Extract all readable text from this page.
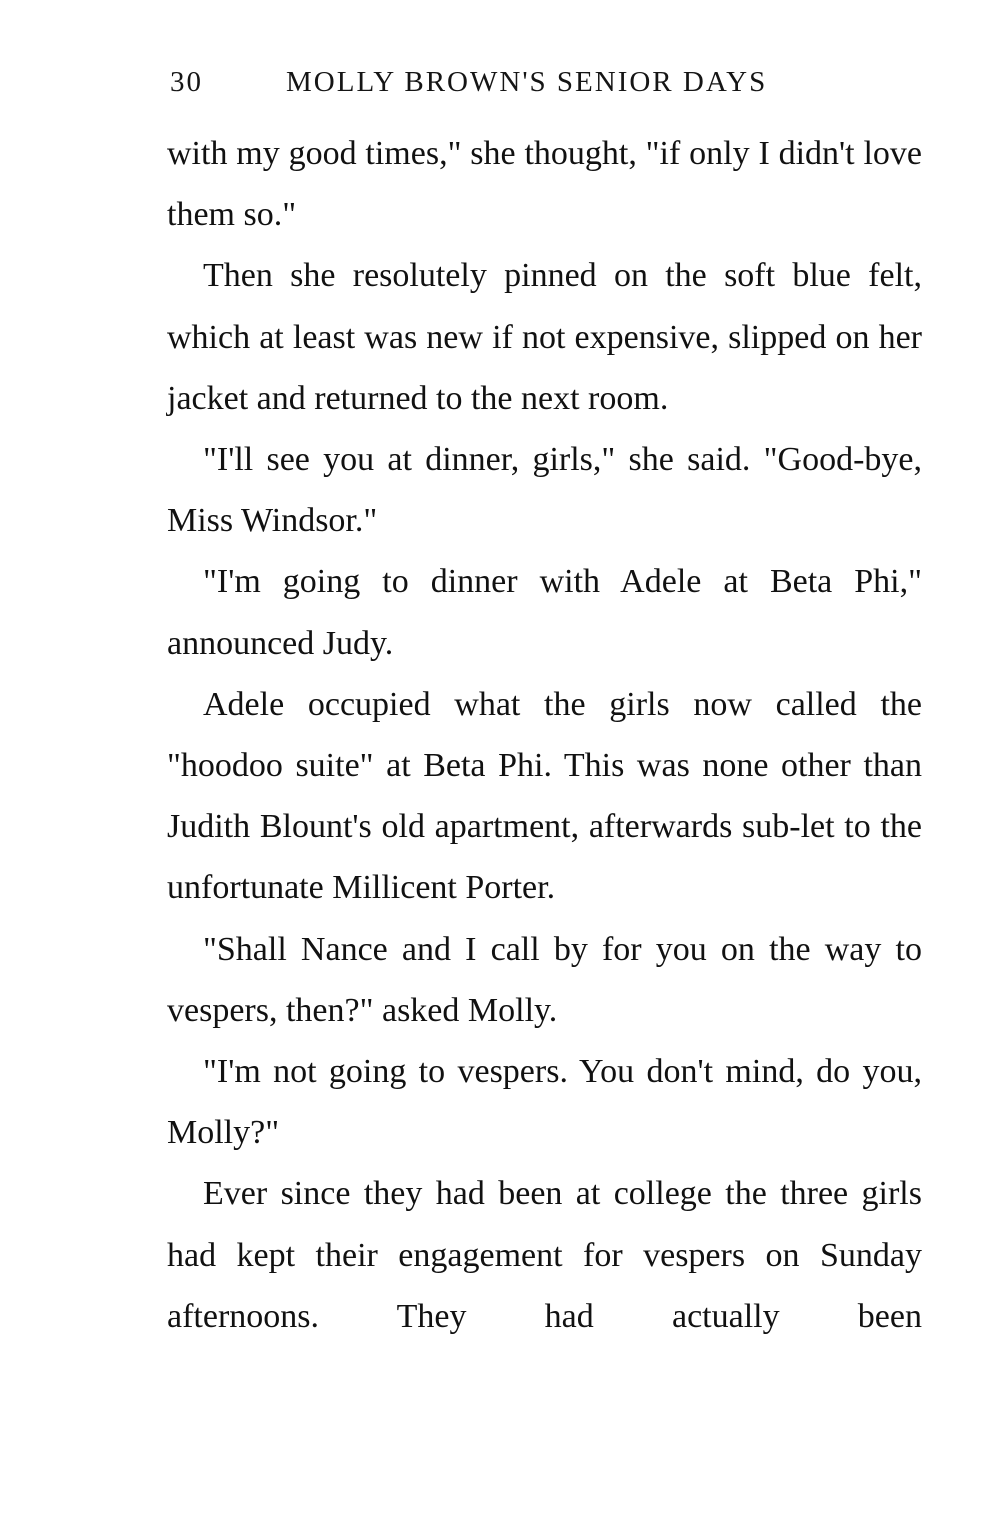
30	MOLLY BROWN'S SENIOR DAYS

with my good times," she thought, "if only I didn't love them so."

Then she resolutely pinned on the soft blue felt, which at least was new if not expensive, slipped on her jacket and returned to the next room.

"I'll see you at dinner, girls," she said. "Good-bye, Miss Windsor."

"I'm going to dinner with Adele at Beta Phi," announced Judy.

Adele occupied what the girls now called the "hoodoo suite" at Beta Phi. This was none other than Judith Blount's old apartment, afterwards sub-let to the unfortunate Millicent Porter.

"Shall Nance and I call by for you on the way to vespers, then?" asked Molly.

"I'm not going to vespers. You don't mind, do you, Molly?"

Ever since they had been at college the three girls had kept their engagement for vespers on Sunday afternoons. They had actually been
